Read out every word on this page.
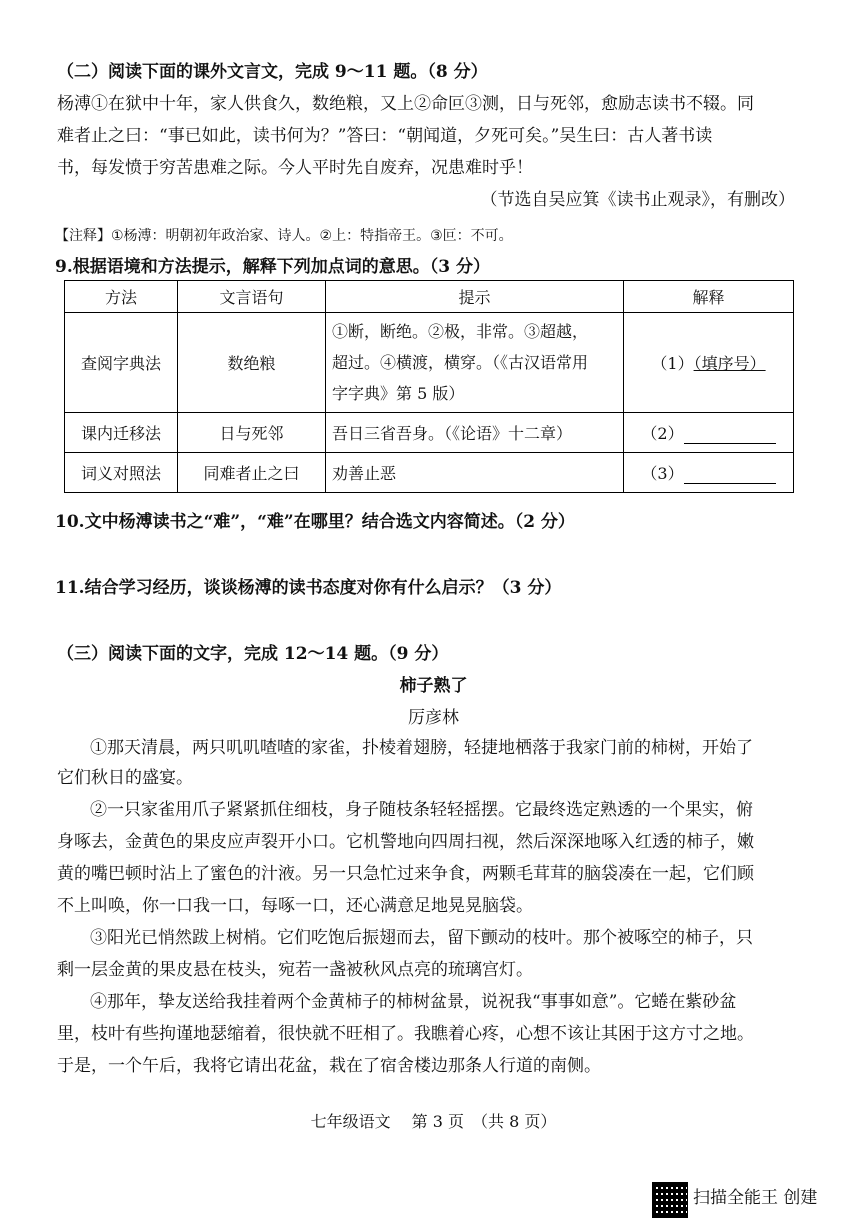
（二）阅读下面的课外文言文，完成 9～11 题。（8 分）
杨溥①在狱中十年，家人供食久，数绝粮，又上②命叵③测，日与死邻，愈励志读书不辍。同
难者止之曰：“事已如此，读书何为？”答曰：“朝闻道，夕死可矣。”吴生曰：古人著书读
书，每发愤于穷苦患难之际。今人平时先自废弃，况患难时乎！
（节选自吴应箕《读书止观录》，有删改）
【注释】①杨溥：明朝初年政治家、诗人。②上：特指帝王。③叵：不可。
9.根据语境和方法提示，解释下列加点词的意思。（3 分）
方法	文言语句	提示	解释
查阅字典法	数绝粮	①断，断绝。②极，非常。③超越，
超过。④横渡，横穿。（《古汉语常用
字字典》第 5 版）	（1）（填序号）
课内迁移法	日与死邻	吾日三省吾身。（《论语》十二章）	（2）
词义对照法	同难者止之曰	劝善止恶	（3）
10.文中杨溥读书之“难”，“难”在哪里？结合选文内容简述。（2 分）
11.结合学习经历，谈谈杨溥的读书态度对你有什么启示？（3 分）
（三）阅读下面的文字，完成 12～14 题。（9 分）
柿子熟了
厉彦林
①那天清晨，两只叽叽喳喳的家雀，扑棱着翅膀，轻捷地栖落于我家门前的柿树，开始了
它们秋日的盛宴。
②一只家雀用爪子紧紧抓住细枝，身子随枝条轻轻摇摆。它最终选定熟透的一个果实，俯
身啄去，金黄色的果皮应声裂开小口。它机警地向四周扫视，然后深深地啄入红透的柿子，嫩
黄的嘴巴顿时沾上了蜜色的汁液。另一只急忙过来争食，两颗毛茸茸的脑袋凑在一起，它们顾
不上叫唤，你一口我一口，每啄一口，还心满意足地晃晃脑袋。
③阳光已悄然跋上树梢。它们吃饱后振翅而去，留下颤动的枝叶。那个被啄空的柿子，只
剩一层金黄的果皮悬在枝头，宛若一盏被秋风点亮的琉璃宫灯。
④那年，挚友送给我挂着两个金黄柿子的柿树盆景，说祝我“事事如意”。它蜷在紫砂盆
里，枝叶有些拘谨地瑟缩着，很快就不旺相了。我瞧着心疼，心想不该让其困于这方寸之地。
于是，一个午后，我将它请出花盆，栽在了宿舍楼边那条人行道的南侧。
七年级语文　 第 3 页　（共 8 页）
扫描全能王 创建
